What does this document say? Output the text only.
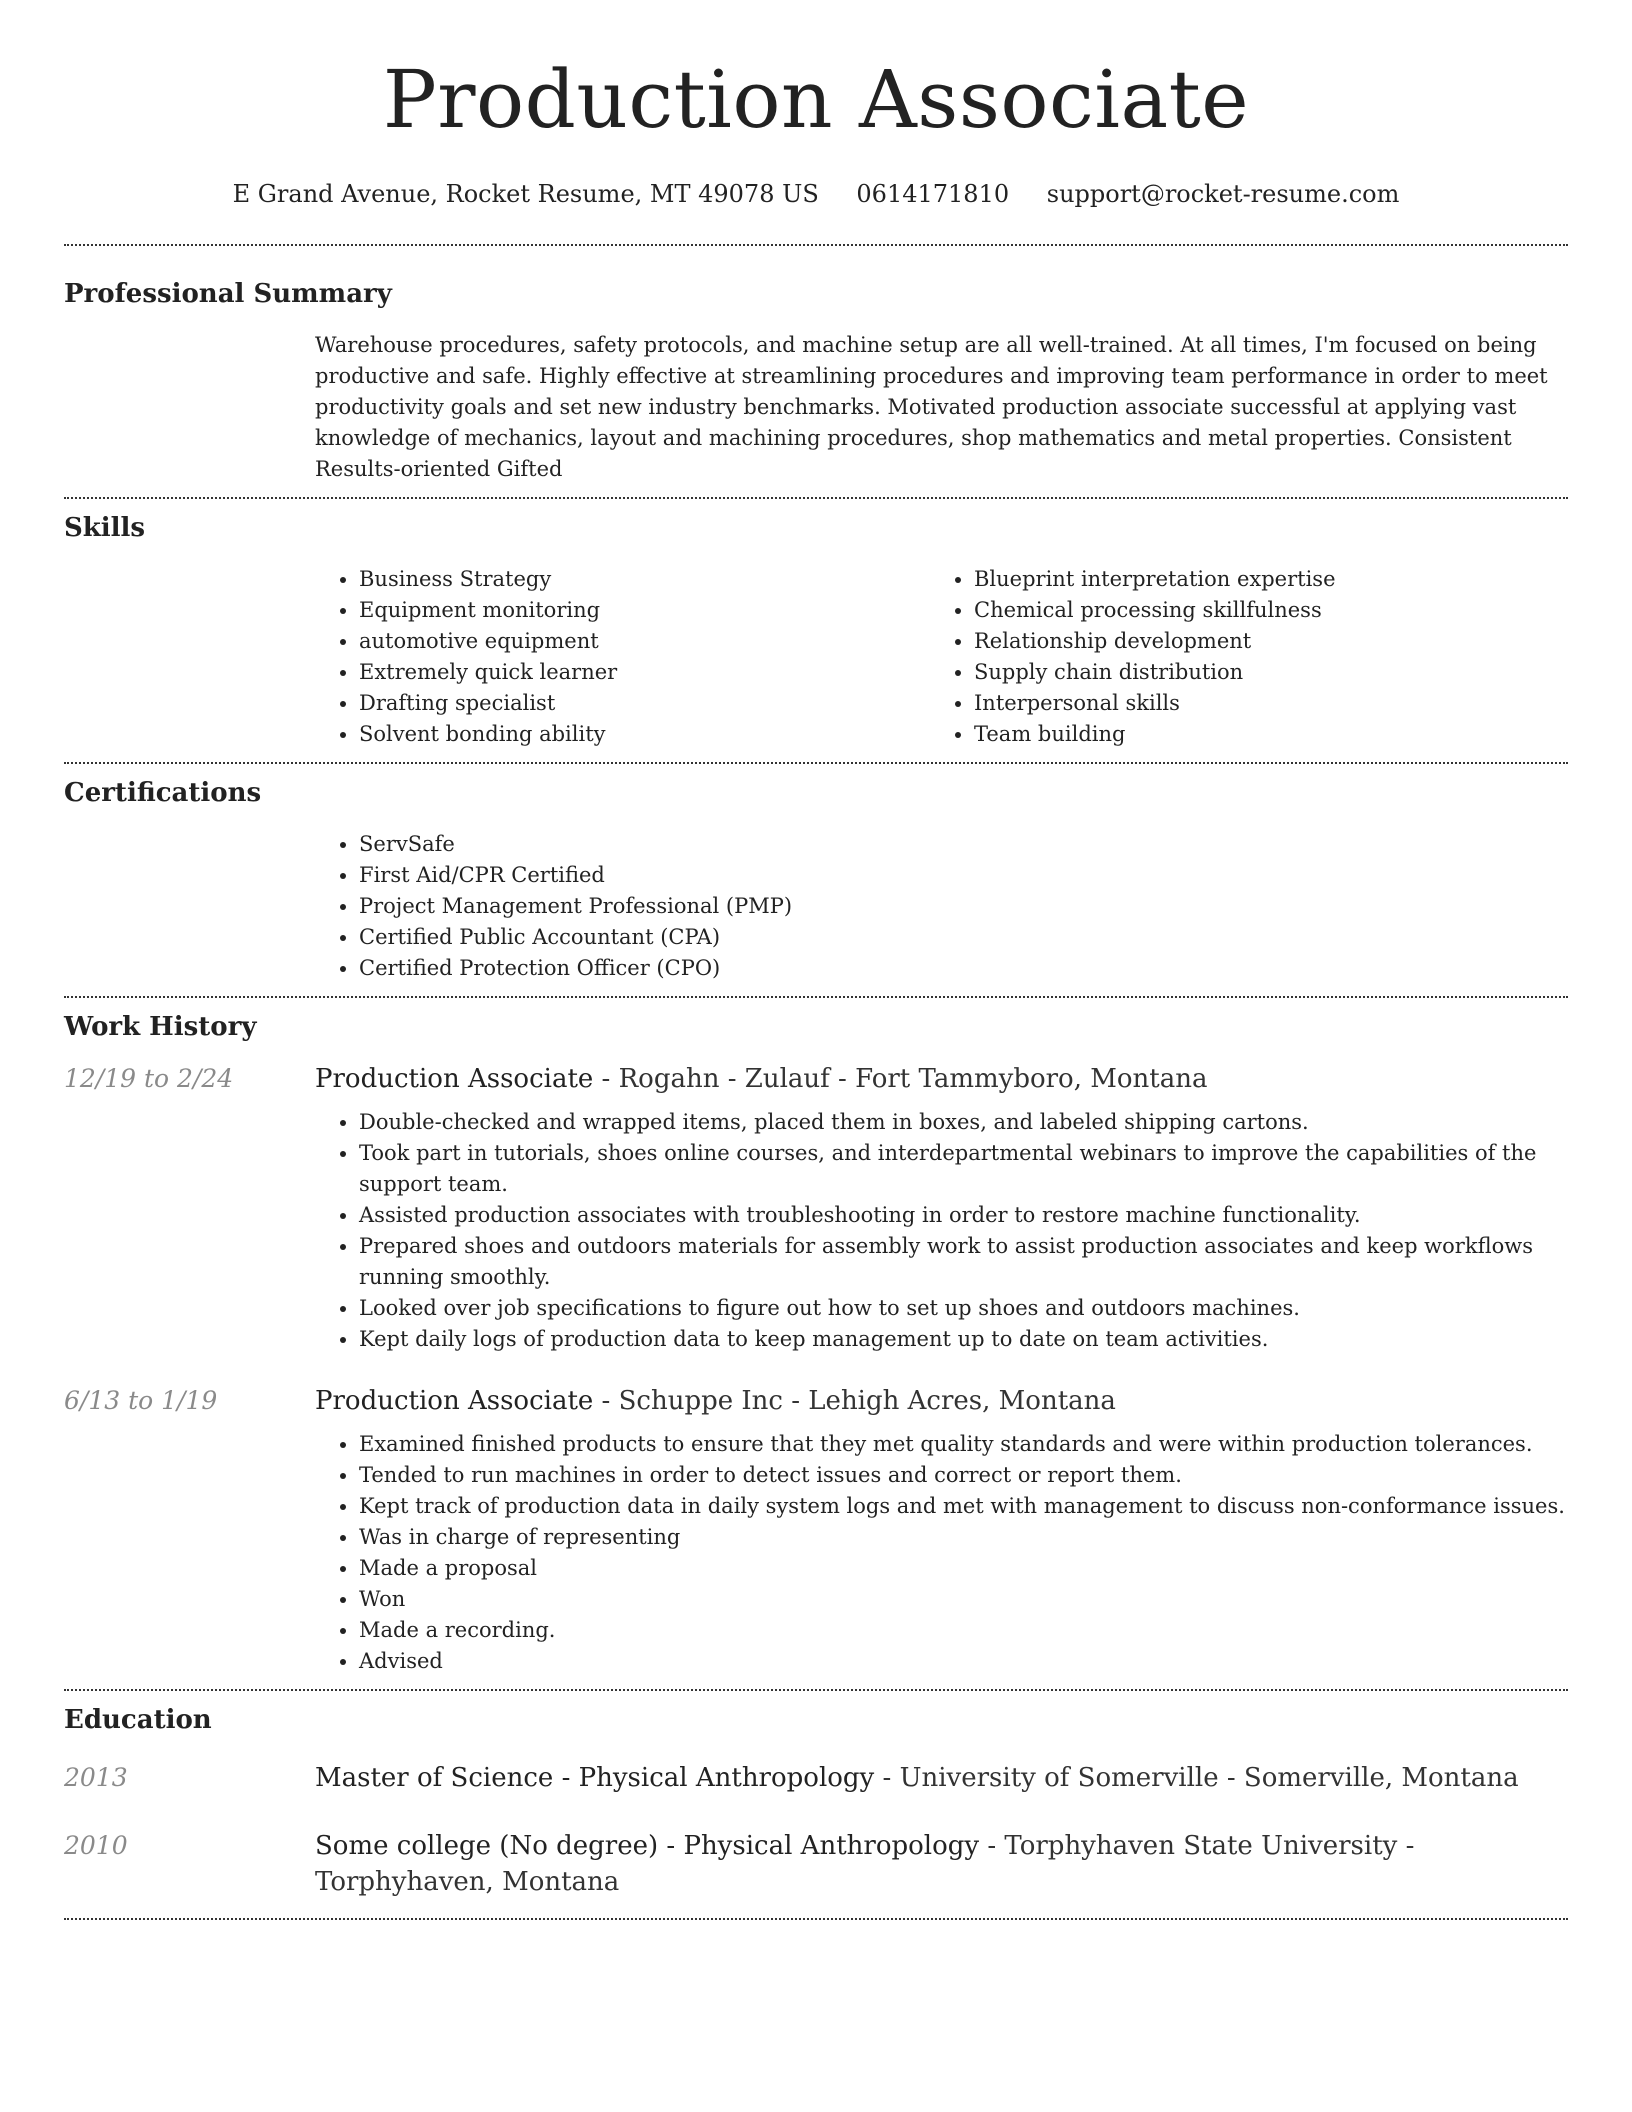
Production Associate
E Grand Avenue, Rocket Resume, MT 49078 US 0614171810 support@rocket-resume.com
Professional Summary
Warehouse procedures, safety protocols, and machine setup are all well-trained. At all times, I'm focused on being productive and safe. Highly effective at streamlining procedures and improving team performance in order to meet productivity goals and set new industry benchmarks. Motivated production associate successful at applying vast knowledge of mechanics, layout and machining procedures, shop mathematics and metal properties. Consistent Results-oriented Gifted
Skills
• Business Strategy
• Equipment monitoring
• automotive equipment
• Extremely quick learner
• Drafting specialist
• Solvent bonding ability
• Blueprint interpretation expertise
• Chemical processing skillfulness
• Relationship development
• Supply chain distribution
• Interpersonal skills
• Team building
Certifications
• ServSafe
• First Aid/CPR Certified
• Project Management Professional (PMP)
• Certified Public Accountant (CPA)
• Certified Protection Officer (CPO)
Work History
12/19 to 2/24	Production Associate - Rogahn - Zulauf - Fort Tammyboro, Montana
• Double-checked and wrapped items, placed them in boxes, and labeled shipping cartons.
• Took part in tutorials, shoes online courses, and interdepartmental webinars to improve the capabilities of the support team.
• Assisted production associates with troubleshooting in order to restore machine functionality.
• Prepared shoes and outdoors materials for assembly work to assist production associates and keep workflows running smoothly.
• Looked over job specifications to figure out how to set up shoes and outdoors machines.
• Kept daily logs of production data to keep management up to date on team activities.
6/13 to 1/19	Production Associate - Schuppe Inc - Lehigh Acres, Montana
• Examined finished products to ensure that they met quality standards and were within production tolerances.
• Tended to run machines in order to detect issues and correct or report them.
• Kept track of production data in daily system logs and met with management to discuss non-conformance issues.
• Was in charge of representing
• Made a proposal
• Won
• Made a recording.
• Advised
Education
2013	Master of Science - Physical Anthropology - University of Somerville - Somerville, Montana
2010	Some college (No degree) - Physical Anthropology - Torphyhaven State University - Torphyhaven, Montana
